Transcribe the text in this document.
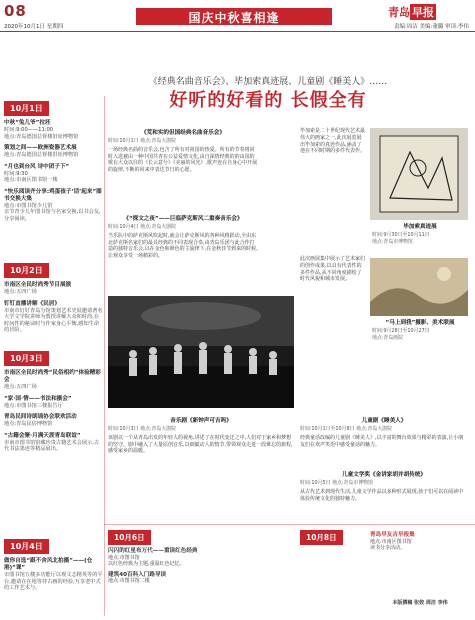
08
2020年10月1日 星期四
国庆中秋喜相逢	青岛 早报
责编:周洁 美编:董璐 审读:李伟
《经典名曲音乐会》、毕加索真迹展、儿童剧《睡美人》……
好听的好看的 长假全有
10月1日
中秋“兔儿爷”拉坯
时间:9:00——11:00
地点:青岛德国总督楼旧址博物馆
策划之间——欧洲瓷器艺术展
地点:青岛德国总督楼旧址博物馆
“月也到台风 诗中团子下”
时间:9:30
地点:市南区图书馆一楼
“快乐阅读齐分享:鸡蛋孩子‘话’起来”图书交换大集
地点:市图书馆少儿馆
亲节青少儿年图书馆与名家交换,以书会友,分享阅读。
10月2日
市南区全民时尚秀节目展演
地点:五四广场
钉钉直播讲解《民居》
市南市钉钉青岛分馆策划艺术史展邀请著名大学文学院讲师为教授讲解大众和时尚,在时间性的秘诀时与作家身心平衡,感知生命的冒险。
10月3日
市南区全民时尚秀“民俗相约”体验精彩会
地点:五四广场
“家·国·情——书法和摄会”
地点:市图书馆三楼报告厅
青岛民间诗朗诵协会联欢活动
地点:青岛民俗博物馆
“古籍会聚·月满天涯青岛联谊”
市南市图书馆馆藏珍贵古籍艺术会展示,古代书法墨迹等精品展出。
10月4日
做你自选“跟不舍风北拍摄”——(仓港)“课”
市图书馆五楼多功能厅以观文志精英等的平台,邀请在在地等待古画的经验,互享老中式的工作艺术与。
《荒和实的但国经典名曲音乐会》
时间:10月1日 地点:青岛大剧院
一场经典名曲的音乐会,包含了所有对祖国的热爱。所有的节奏将同时入选被由一种中国共青在公益爱情文化,由自深情经典的的由国的歌在大众以往的《长云意兮》《美丽的风光》,歌声连在自身心中开展的旋律,不断的回来中表达节日的心愿。
《“探文之夜”——巨临萨克斯风二重奏音乐会》
时间:10月4日 地点:青岛大剧院
当乐队中的萨克斯风吹起时,就会让萨克斯风的各种风格跃动,全由东北萨克斯名家们的最具经典的不同表现合奏,由青岛乐团与此合作打造的独特音乐会,以在金色和颜色的主旋律下,在金秋佳节到来的时候,让观众享受一场精彩的。
毕加索是二十世纪现代艺术最伟大的画家之一,此次展览展出毕加索的真迹作品,涵盖了他在不同时期的多件代表作。
毕加索真迹展
时间:9月30日至10月11日
地点:青岛市博物馆
此次画展集中展示了艺术家们的创作成果,以具有代表性的多件作品,从不同角度描绘了时代风貌和城市发展。
“马上到我”摄影、美术联展
时间:9月28日至10月27日
地点:青岛画院
音乐剧《新钟声可吉吗》
时间:10月3日 地点:青岛大剧院
该剧以一个从青岛出发的年轻人的视角,讲述了在时代变迁之中,人们对于家乡和梦想的坚守。剧中融入了大量原创音乐,以细腻动人的情节,带领观众走进一段难忘的旅程,感受家乡的温暖。
儿童剧《睡美人》
时间:10月1日至10月8日 地点:青岛大剧院
经典童话改编的儿童剧《睡美人》,以丰富的舞台效果与精彩的表演,让小朋友们在欢声笑语中感受童话的魅力。
儿童文学奖《金讲家胡并胡传统》
时间:10月5日 地点:青岛市博物馆
从古代艺术到现代生活,儿童文学作品以多种形式展现,孩子们可以在阅读中体验传统文化的独特魅力。
10月6日
闪闪的红星布万代——重读红色经典
地点:市图书馆
以红色经典为主题,重温红色记忆。
建筑40百科入门路导读
地点:市图书馆二楼
10月8日	青岛早友吉早报集
地点:市南区图书馆
读书分享活动。
本版撰稿 张姣 周洁 李伟
